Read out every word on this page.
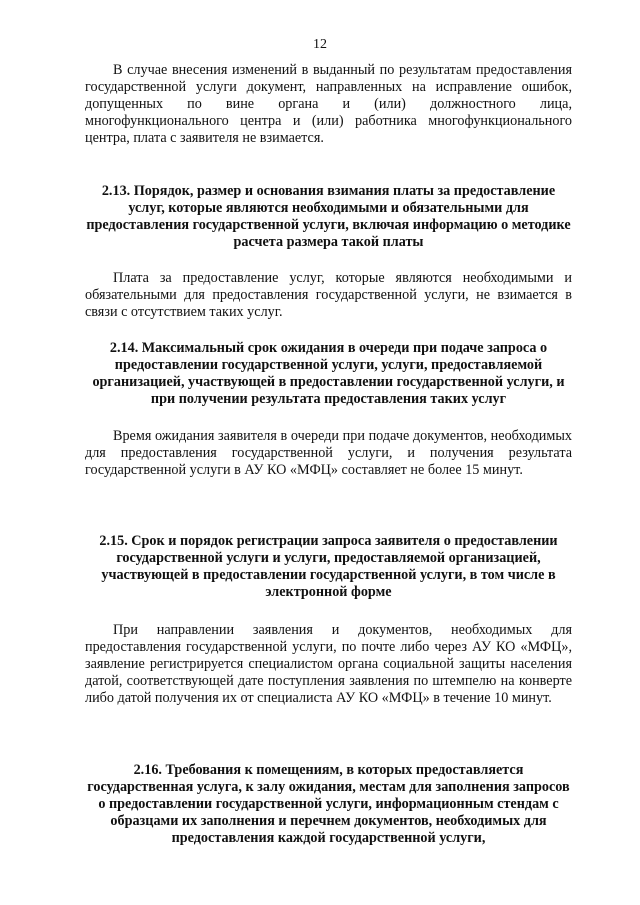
12

В случае внесения изменений в выданный по результатам предоставления государственной услуги документ, направленных на исправление ошибок, допущенных по вине органа и (или) должностного лица, многофункционального центра и (или) работника многофункционального центра, плата с заявителя не взимается.

2.13. Порядок, размер и основания взимания платы за предоставление услуг, которые являются необходимыми и обязательными для предоставления государственной услуги, включая информацию о методике расчета размера такой платы

Плата за предоставление услуг, которые являются необходимыми и обязательными для предоставления государственной услуги, не взимается в связи с отсутствием таких услуг.

2.14. Максимальный срок ожидания в очереди при подаче запроса о предоставлении государственной услуги, услуги, предоставляемой организацией, участвующей в предоставлении государственной услуги, и при получении результата предоставления таких услуг

Время ожидания заявителя в очереди при подаче документов, необходимых для предоставления государственной услуги, и получения результата государственной услуги в АУ КО «МФЦ» составляет не более 15 минут.

2.15. Срок и порядок регистрации запроса заявителя о предоставлении государственной услуги и услуги, предоставляемой организацией, участвующей в предоставлении государственной услуги, в том числе в электронной форме

При направлении заявления и документов, необходимых для предоставления государственной услуги, по почте либо через АУ КО «МФЦ», заявление регистрируется специалистом органа социальной защиты населения датой, соответствующей дате поступления заявления по штемпелю на конверте либо датой получения их от специалиста АУ КО «МФЦ» в течение 10 минут.

2.16. Требования к помещениям, в которых предоставляется государственная услуга, к залу ожидания, местам для заполнения запросов о предоставлении государственной услуги, информационным стендам с образцами их заполнения и перечнем документов, необходимых для предоставления каждой государственной услуги,
